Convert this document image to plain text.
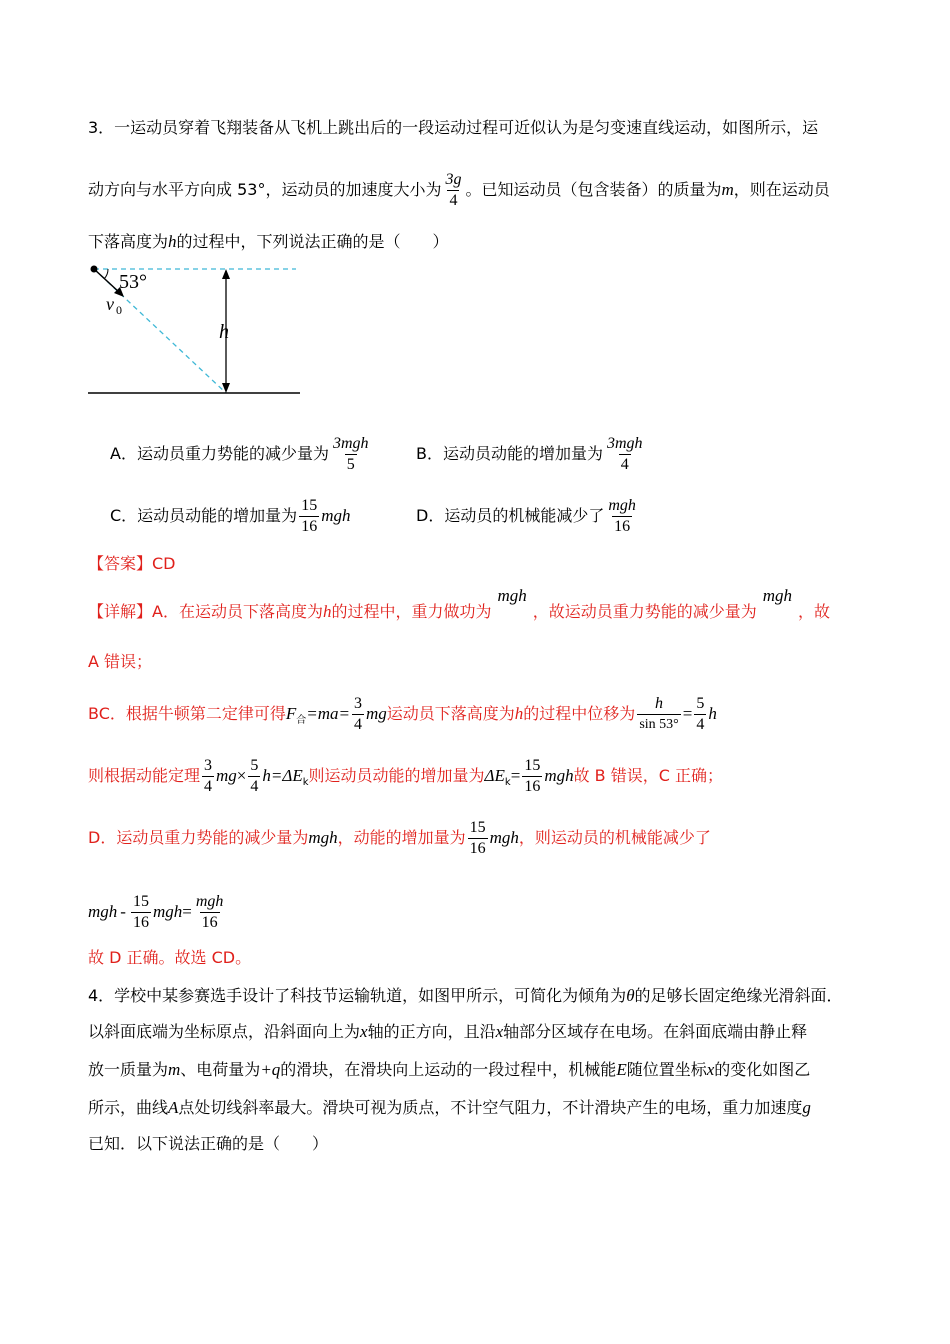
3．一运动员穿着飞翔装备从飞机上跳出后的一段运动过程可近似认为是匀变速直线运动，如图所示，运
动方向与水平方向成 53°，运动员的加速度大小为 $\frac{3g}{4}$ 。已知运动员（包含装备）的质量为m，则在运动员
下落高度为h的过程中，下列说法正确的是（　　）
53°
v 0
h
A．运动员重力势能的减少量为 $\frac{\text{3mgh}}{5}$	B．运动员动能的增加量为 $\frac{\text{3mgh}}{4}$
C．运动员动能的增加量为 $\frac{15}{16}$ mgh	D．运动员的机械能减少了 $\frac{\text{mgh}}{16}$
【答案】CD
【详解】A．在运动员下落高度为h的过程中，重力做功为mgh，故运动员重力势能的减少量为mgh，故
A 错误；
BC．根据牛顿第二定律可得$F_合=ma= \frac{3}{4}$ mg运动员下落高度为h的过程中位移为 $\frac{h}{\sin 53^\circ} = \frac{5}{4}$ h
则根据动能定理 $\frac{3}{4} mg\times \frac{5}{4} h=\Delta E_k$则运动员动能的增加量为$\Delta E_k= \frac{15}{16}$ mgh故 B 错误，C 正确；
D．运动员重力势能的减少量为mgh，动能的增加量为 $\frac{15}{16}$ mgh，则运动员的机械能减少了
mgh - $\frac{15}{16} mgh= \frac{\text{mgh}}{16}$
故 D 正确。故选 CD。
4．学校中某参赛选手设计了科技节运输轨道，如图甲所示，可简化为倾角为θ的足够长固定绝缘光滑斜面．
以斜面底端为坐标原点，沿斜面向上为x轴的正方向，且沿x轴部分区域存在电场。在斜面底端由静止释
放一质量为m、电荷量为+q的滑块，在滑块向上运动的一段过程中，机械能E随位置坐标x的变化如图乙
所示，曲线A点处切线斜率最大。滑块可视为质点，不计空气阻力，不计滑块产生的电场，重力加速度g
已知．以下说法正确的是（　　）
